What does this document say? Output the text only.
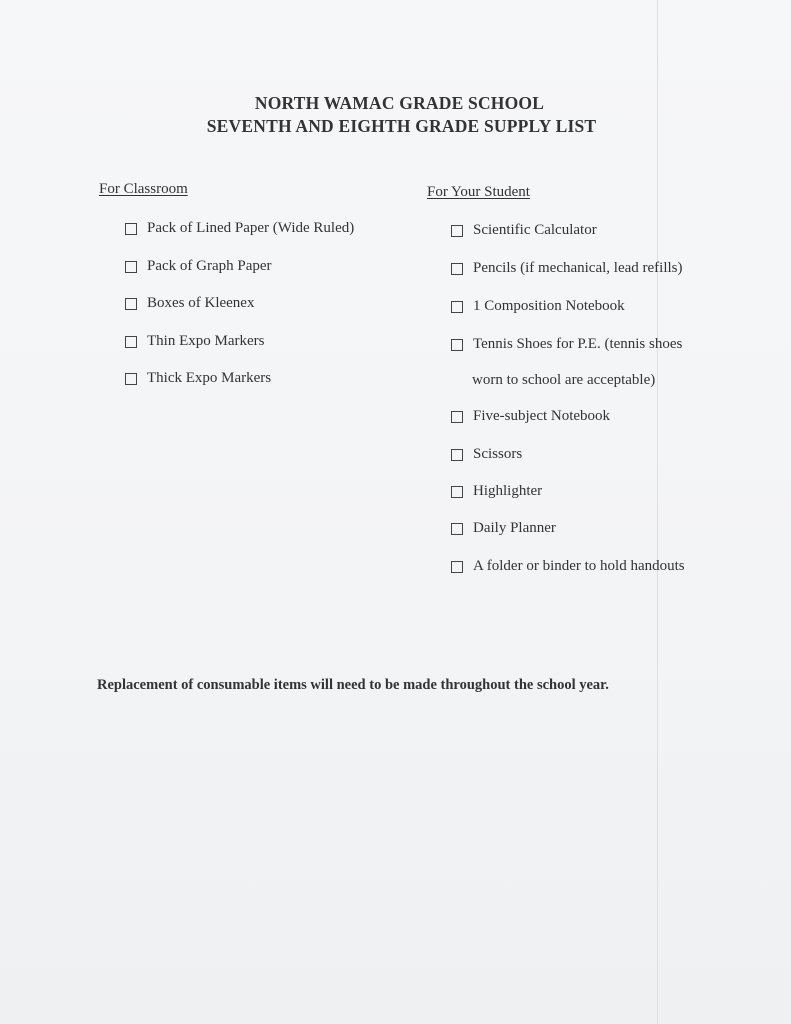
NORTH WAMAC GRADE SCHOOL
SEVENTH AND EIGHTH GRADE SUPPLY LIST
For Classroom
Pack of Lined Paper (Wide Ruled)
Pack of Graph Paper
Boxes of Kleenex
Thin Expo Markers
Thick Expo Markers
For Your Student
Scientific Calculator
Pencils (if mechanical, lead refills)
1 Composition Notebook
Tennis Shoes for P.E. (tennis shoes
worn to school are acceptable)
Five-subject Notebook
Scissors
Highlighter
Daily Planner
A folder or binder to hold handouts
Replacement of consumable items will need to be made throughout the school year.
